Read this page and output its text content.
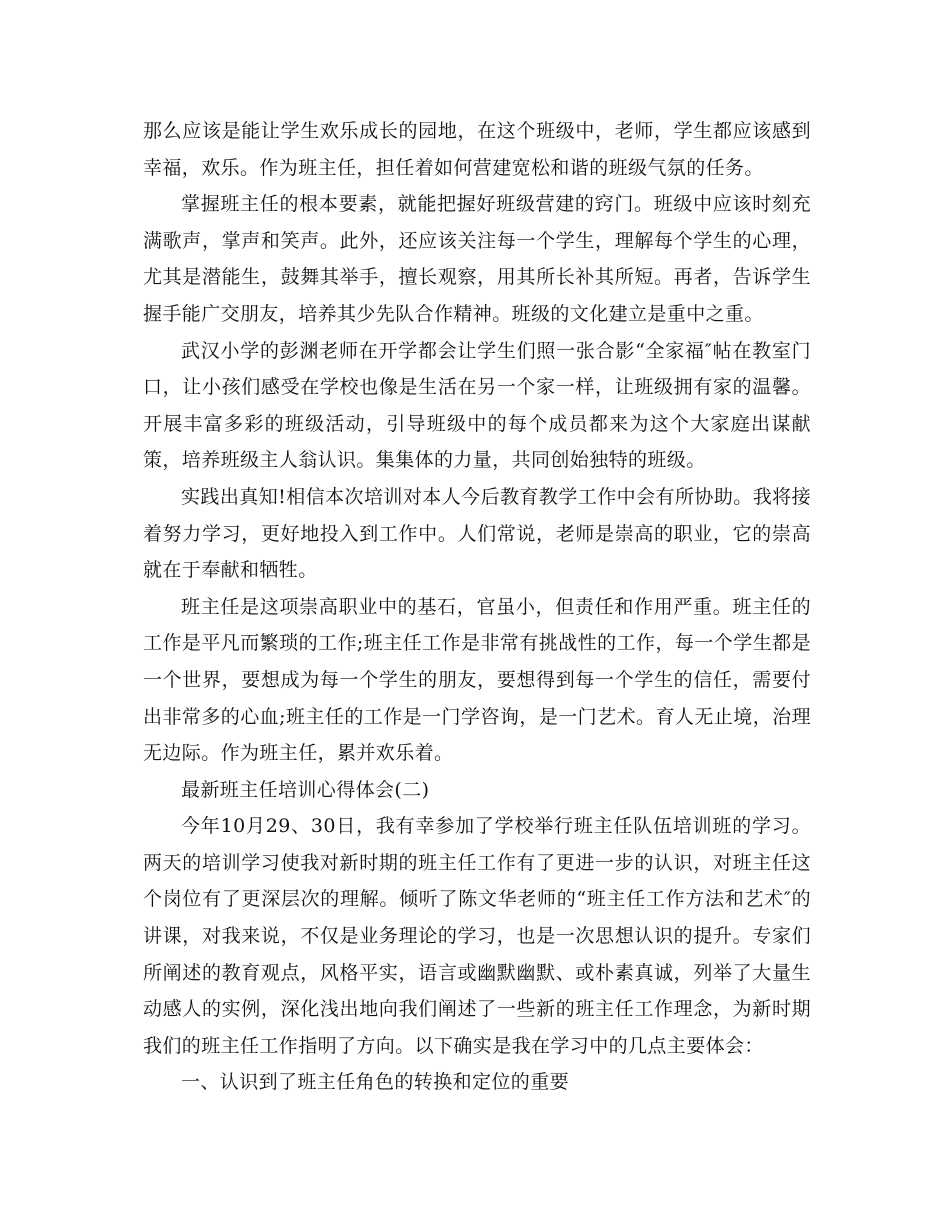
那么应该是能让学生欢乐成长的园地，在这个班级中，老师，学生都应该感到幸福，欢乐。作为班主任，担任着如何营建宽松和谐的班级气氛的任务。

掌握班主任的根本要素，就能把握好班级营建的窍门。班级中应该时刻充满歌声，掌声和笑声。此外，还应该关注每一个学生，理解每个学生的心理，尤其是潜能生，鼓舞其举手，擅长观察，用其所长补其所短。再者，告诉学生握手能广交朋友，培养其少先队合作精神。班级的文化建立是重中之重。

武汉小学的彭渊老师在开学都会让学生们照一张合影“全家福″帖在教室门口，让小孩们感受在学校也像是生活在另一个家一样，让班级拥有家的温馨。开展丰富多彩的班级活动，引导班级中的每个成员都来为这个大家庭出谋献策，培养班级主人翁认识。集集体的力量，共同创始独特的班级。

实践出真知!相信本次培训对本人今后教育教学工作中会有所协助。我将接着努力学习，更好地投入到工作中。人们常说，老师是崇高的职业，它的崇高就在于奉献和牺牲。

班主任是这项崇高职业中的基石，官虽小，但责任和作用严重。班主任的工作是平凡而繁琐的工作;班主任工作是非常有挑战性的工作，每一个学生都是一个世界，要想成为每一个学生的朋友，要想得到每一个学生的信任，需要付出非常多的心血;班主任的工作是一门学咨询，是一门艺术。育人无止境，治理无边际。作为班主任，累并欢乐着。

最新班主任培训心得体会(二)

今年10月29、30日，我有幸参加了学校举行班主任队伍培训班的学习。两天的培训学习使我对新时期的班主任工作有了更进一步的认识，对班主任这个岗位有了更深层次的理解。倾听了陈文华老师的“班主任工作方法和艺术″的讲课，对我来说，不仅是业务理论的学习，也是一次思想认识的提升。专家们所阐述的教育观点，风格平实，语言或幽默幽默、或朴素真诚，列举了大量生动感人的实例，深化浅出地向我们阐述了一些新的班主任工作理念，为新时期我们的班主任工作指明了方向。以下确实是我在学习中的几点主要体会：

一、认识到了班主任角色的转换和定位的重要
